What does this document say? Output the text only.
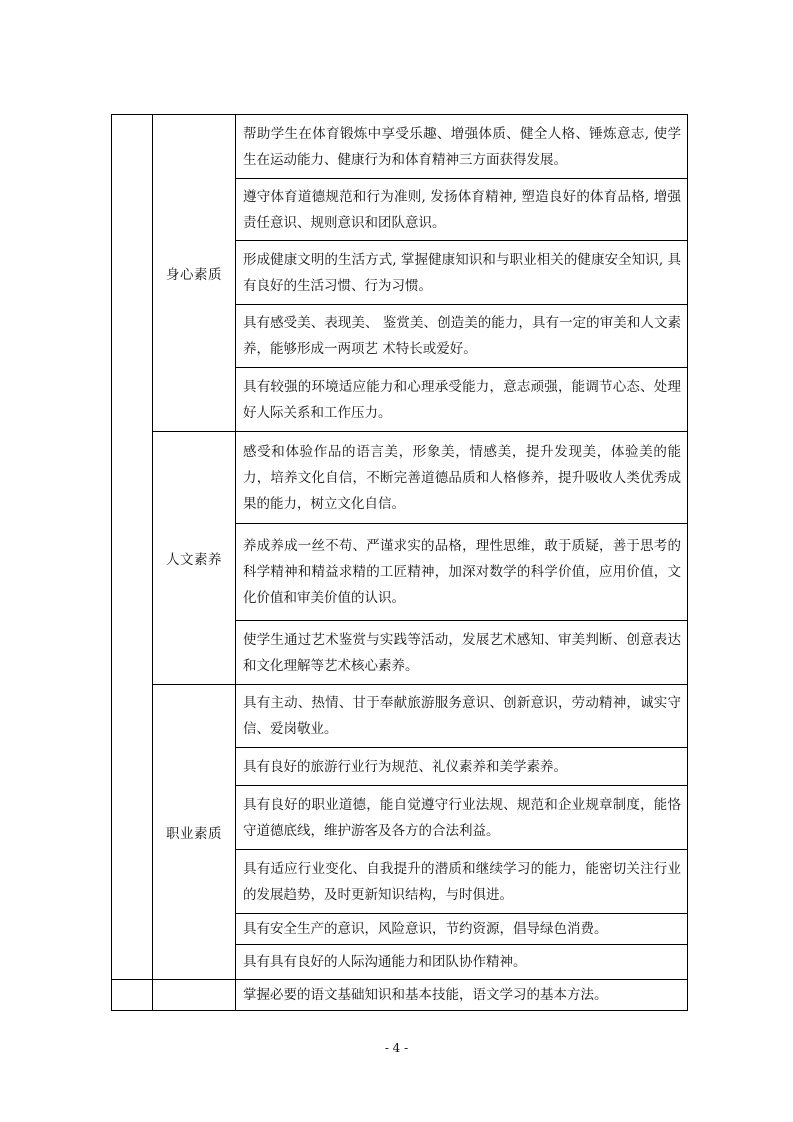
	身心素质	帮助学生在体育锻炼中享受乐趣、增强体质、健全人格、锤炼意志, 使学生在运动能力、健康行为和体育精神三方面获得发展。
		遵守体育道德规范和行为准则, 发扬体育精神, 塑造良好的体育品格, 增强责任意识、规则意识和团队意识。
		形成健康文明的生活方式, 掌握健康知识和与职业相关的健康安全知识, 具有良好的生活习惯、行为习惯。
		具有感受美、表现美、 鉴赏美、创造美的能力，具有一定的审美和人文素养，能够形成一两项艺 术特长或爱好。
		具有较强的环境适应能力和心理承受能力，意志顽强，能调节心态、处理好人际关系和工作压力。
	人文素养	感受和体验作品的语言美，形象美，情感美，提升发现美，体验美的能力，培养文化自信，不断完善道德品质和人格修养，提升吸收人类优秀成果的能力，树立文化自信。
		养成养成一丝不苟、严谨求实的品格，理性思维，敢于质疑，善于思考的科学精神和精益求精的工匠精神，加深对数学的科学价值，应用价值，文化价值和审美价值的认识。
		使学生通过艺术鉴赏与实践等活动，发展艺术感知、审美判断、创意表达和文化理解等艺术核心素养。
	职业素质	具有主动、热情、甘于奉献旅游服务意识、创新意识，劳动精神，诚实守信、爱岗敬业。
		具有良好的旅游行业行为规范、礼仪素养和美学素养。
		具有良好的职业道德，能自觉遵守行业法规、规范和企业规章制度，能恪守道德底线，维护游客及各方的合法利益。
		具有适应行业变化、自我提升的潜质和继续学习的能力，能密切关注行业的发展趋势，及时更新知识结构，与时俱进。
		具有安全生产的意识，风险意识，节约资源，倡导绿色消费。
		具有具有良好的人际沟通能力和团队协作精神。
		掌握必要的语文基础知识和基本技能，语文学习的基本方法。
- 4 -
